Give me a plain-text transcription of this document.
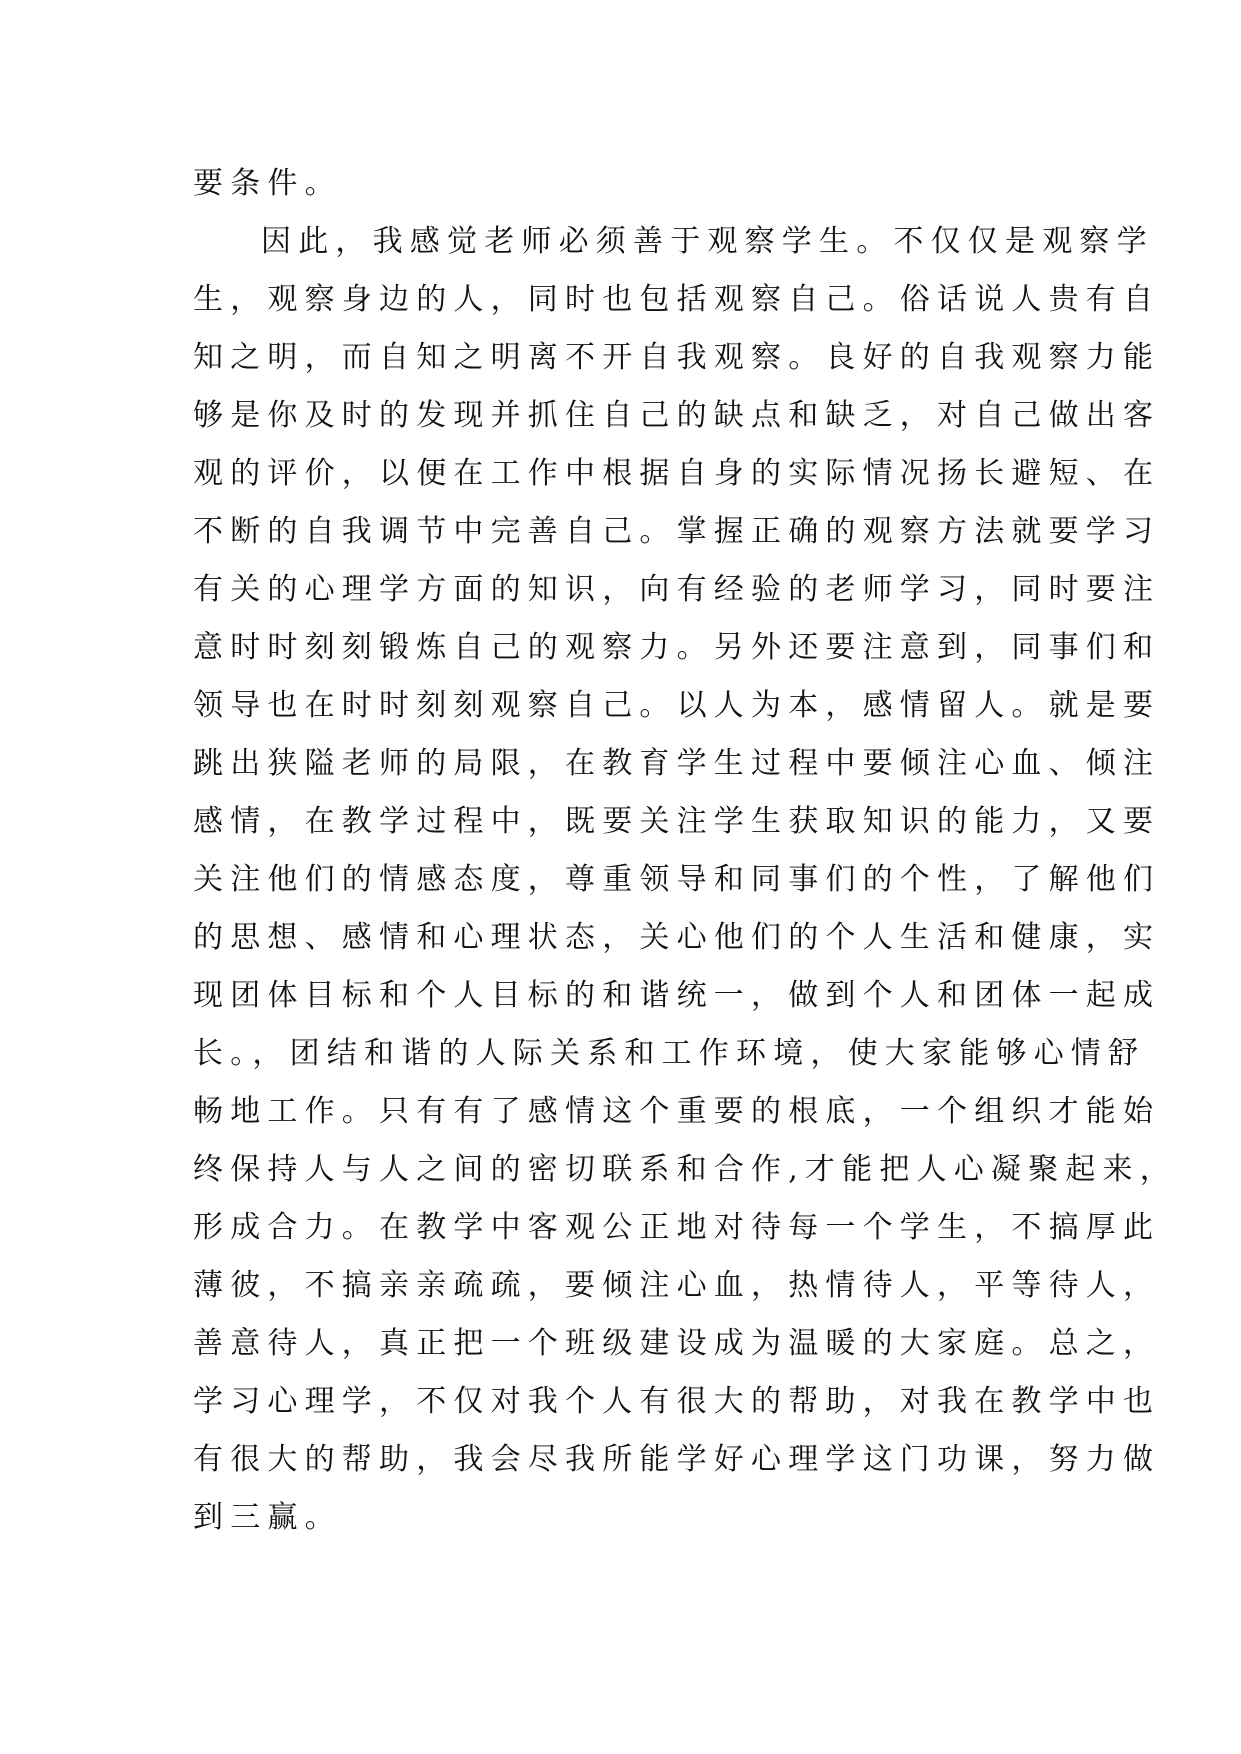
要条件。
因此，我感觉老师必须善于观察学生。不仅仅是观察学
生，观察身边的人，同时也包括观察自己。俗话说人贵有自
知之明，而自知之明离不开自我观察。良好的自我观察力能
够是你及时的发现并抓住自己的缺点和缺乏，对自己做出客
观的评价，以便在工作中根据自身的实际情况扬长避短、在
不断的自我调节中完善自己。掌握正确的观察方法就要学习
有关的心理学方面的知识，向有经验的老师学习，同时要注
意时时刻刻锻炼自己的观察力。另外还要注意到，同事们和
领导也在时时刻刻观察自己。以人为本，感情留人。就是要
跳出狭隘老师的局限，在教育学生过程中要倾注心血、倾注
感情，在教学过程中，既要关注学生获取知识的能力，又要
关注他们的情感态度，尊重领导和同事们的个性，了解他们
的思想、感情和心理状态，关心他们的个人生活和健康，实
现团体目标和个人目标的和谐统一，做到个人和团体一起成
长。，团结和谐的人际关系和工作环境，使大家能够心情舒
畅地工作。只有有了感情这个重要的根底，一个组织才能始
终保持人与人之间的密切联系和合作,才能把人心凝聚起来，
形成合力。在教学中客观公正地对待每一个学生，不搞厚此
薄彼，不搞亲亲疏疏，要倾注心血，热情待人，平等待人，
善意待人，真正把一个班级建设成为温暖的大家庭。总之，
学习心理学，不仅对我个人有很大的帮助，对我在教学中也
有很大的帮助，我会尽我所能学好心理学这门功课，努力做
到三赢。
